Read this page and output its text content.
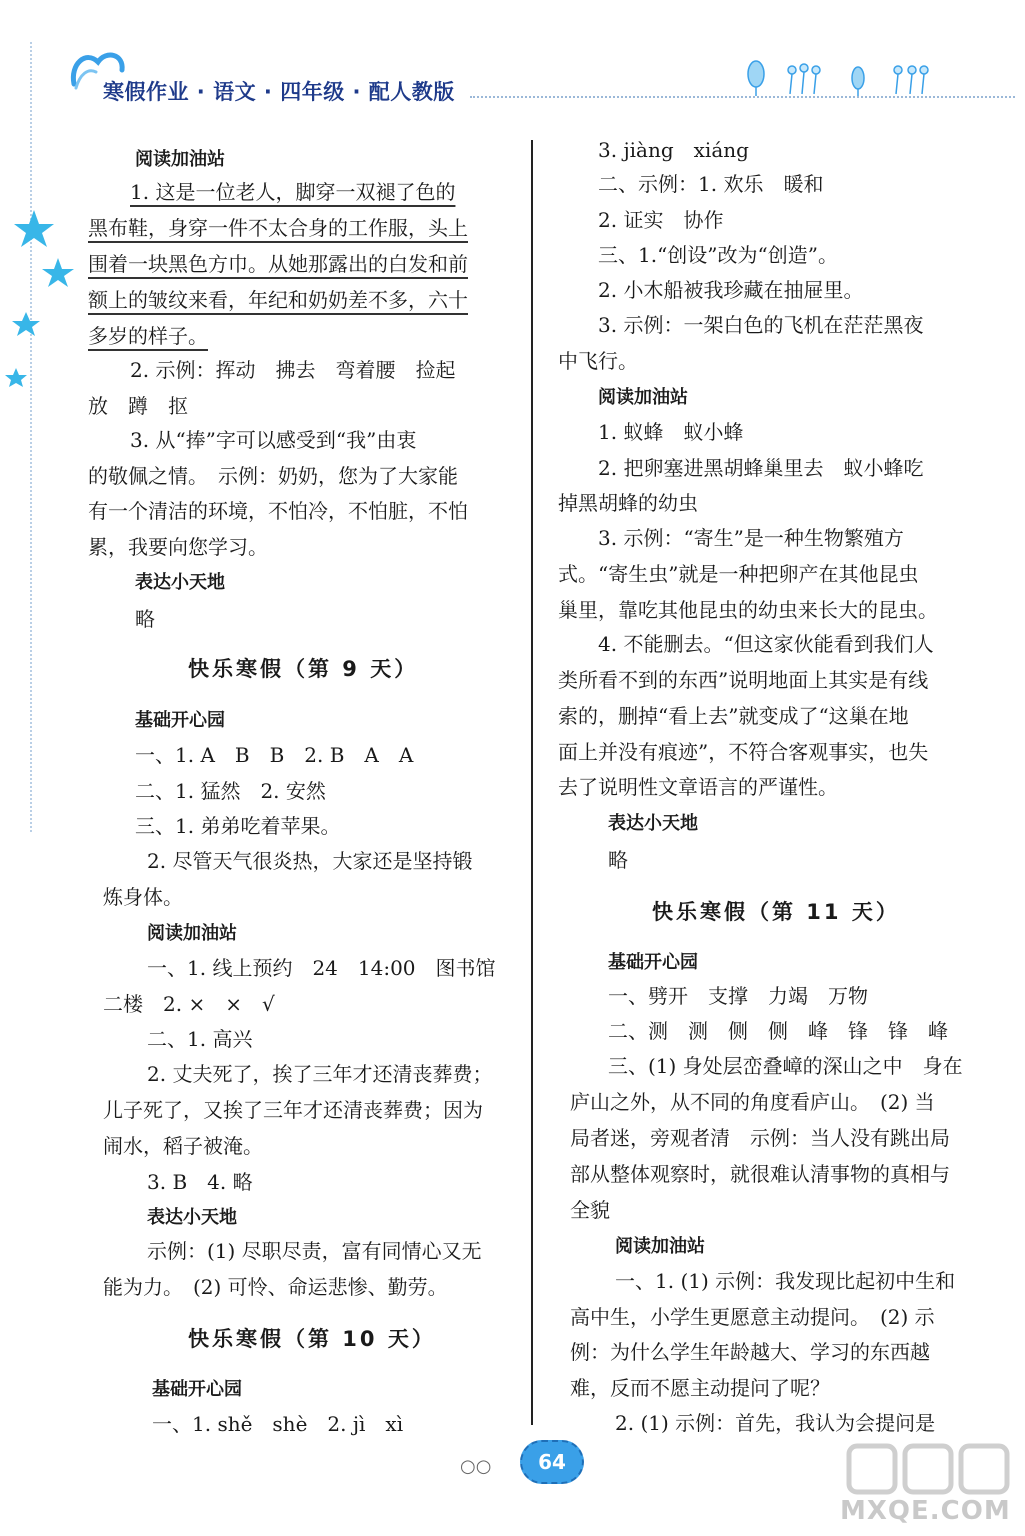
寒假作业 · 语文 · 四年级 · 配人教版
阅读加油站
1. 这是一位老人，脚穿一双褪了色的
黑布鞋，身穿一件不太合身的工作服，头上
围着一块黑色方巾。从她那露出的白发和前
额上的皱纹来看，年纪和奶奶差不多，六十
多岁的样子。
2. 示例：挥动　拂去　弯着腰　捡起
放　蹲　抠
3. 从“捧”字可以感受到“我”由衷
的敬佩之情。　示例：奶奶，您为了大家能
有一个清洁的环境，不怕冷，不怕脏，不怕
累，我要向您学习。
表达小天地
略
基础开心园
一、1. A　B　B　2. B　A　A
二、1. 猛然　2. 安然
三、1. 弟弟吃着苹果。
2. 尽管天气很炎热，大家还是坚持锻
炼身体。
阅读加油站
一、1. 线上预约　24　14:00　图书馆
二楼　2. ×　×　√
二、1. 高兴
2. 丈夫死了，挨了三年才还清丧葬费；
儿子死了，又挨了三年才还清丧葬费；因为
闹水，稻子被淹。
3. B　4. 略
表达小天地
示例：(1) 尽职尽责，富有同情心又无
能为力。　(2) 可怜、命运悲惨、勤劳。
基础开心园
一、1. shě　shè　2. jì　xì
快乐寒假（第 9 天）
快乐寒假（第 10 天）
3. jiàng　xiáng
二、示例：1. 欢乐　暖和
2. 证实　协作
三、1.“创设”改为“创造”。
2. 小木船被我珍藏在抽屉里。
3. 示例：一架白色的飞机在茫茫黑夜
中飞行。
阅读加油站
1. 蚁蜂　蚁小蜂
2. 把卵塞进黑胡蜂巢里去　蚁小蜂吃
掉黑胡蜂的幼虫
3. 示例：“寄生”是一种生物繁殖方
式。“寄生虫”就是一种把卵产在其他昆虫
巢里，靠吃其他昆虫的幼虫来长大的昆虫。
4. 不能删去。“但这家伙能看到我们人
类所看不到的东西”说明地面上其实是有线
索的，删掉“看上去”就变成了“这巢在地
面上并没有痕迹”，不符合客观事实，也失
去了说明性文章语言的严谨性。
表达小天地
略
基础开心园
一、劈开　支撑　力竭　万物
二、测　测　侧　侧　峰　锋　锋　峰
三、(1) 身处层峦叠嶂的深山之中　身在
庐山之外，从不同的角度看庐山。　(2) 当
局者迷，旁观者清　示例：当人没有跳出局
部从整体观察时，就很难认清事物的真相与
全貌
阅读加油站
一、1. (1) 示例：我发现比起初中生和
高中生，小学生更愿意主动提问。　(2) 示
例：为什么学生年龄越大、学习的东西越
难，反而不愿主动提问了呢？
2. (1) 示例：首先，我认为会提问是
快乐寒假（第 11 天）
○○ 64
MXQE.COM
